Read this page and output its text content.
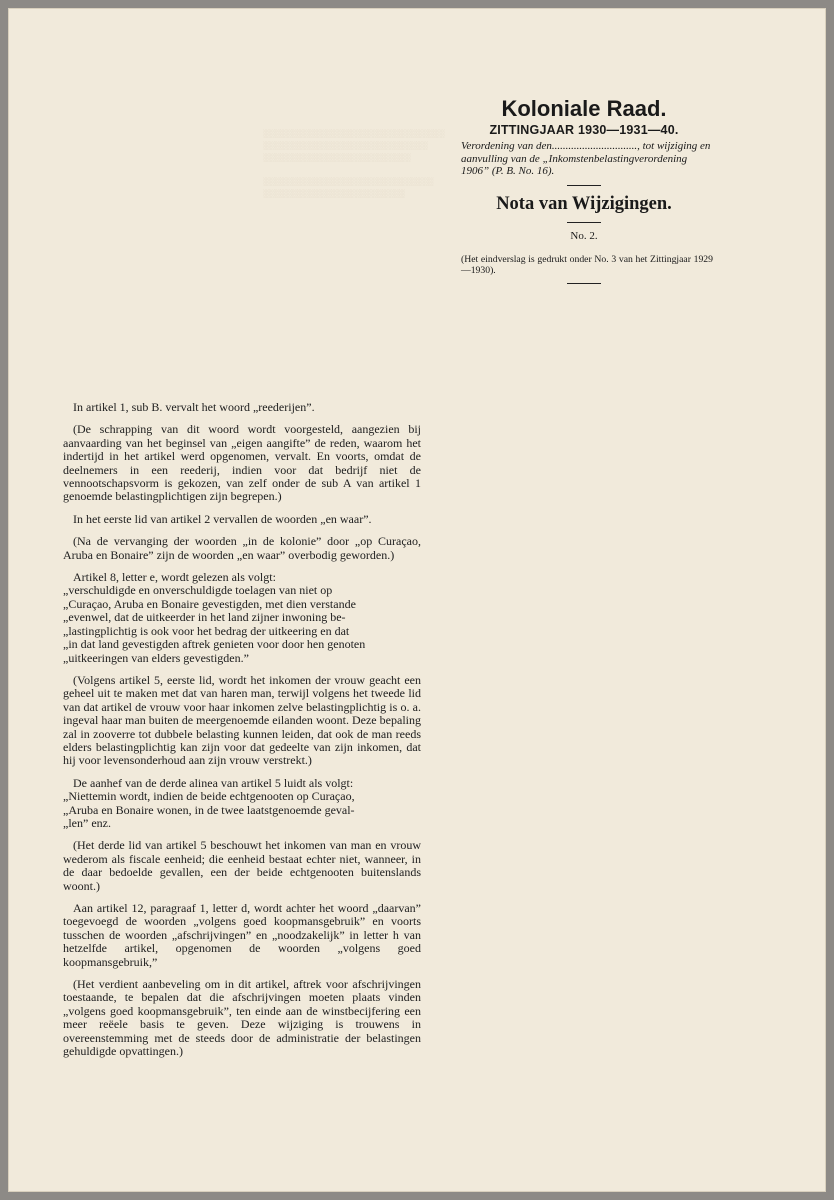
░░░░░░░░░░░░░░░░░░░░░░░░░░░░░░░░
░░░░░░░░░░░░░░░░░░░░░░░░░░░░░
░░░░░░░░░░░░░░░░░░░░░░░░░░

░░░░░░░░░░░░░░░░░░░░░░░░░░░░░░
░░░░░░░░░░░░░░░░░░░░░░░░░

Koloniale Raad.
ZITTINGJAAR 1930—1931—40.
Verordening van den..............................., tot wijziging en aanvulling van de „Inkomstenbelastingverordening 1906” (P. B. No. 16).
Nota van Wijzigingen.
No. 2.
(Het eindverslag is gedrukt onder No. 3 van het Zittingjaar 1929—1930).

In artikel 1, sub B. vervalt het woord „reederijen”.

(De schrapping van dit woord wordt voorgesteld, aangezien bij aanvaarding van het beginsel van „eigen aangifte” de reden, waarom het indertijd in het artikel werd opgenomen, vervalt. En voorts, omdat de deelnemers in een reederij, indien voor dat bedrijf niet de vennootschapsvorm is gekozen, van zelf onder de sub A van artikel 1 genoemde belastingplichtigen zijn begrepen.)

In het eerste lid van artikel 2 vervallen de woorden „en waar”.

(Na de vervanging der woorden „in de kolonie” door „op Curaçao, Aruba en Bonaire” zijn de woorden „en waar” overbodig geworden.)

Artikel 8, letter e, wordt gelezen als volgt:
„verschuldigde en onverschuldigde toelagen van niet op
„Curaçao, Aruba en Bonaire gevestigden, met dien verstande
„evenwel, dat de uitkeerder in het land zijner inwoning be-
„lastingplichtig is ook voor het bedrag der uitkeering en dat
„in dat land gevestigden aftrek genieten voor door hen genoten
„uitkeeringen van elders gevestigden.”

(Volgens artikel 5, eerste lid, wordt het inkomen der vrouw geacht een geheel uit te maken met dat van haren man, terwijl volgens het tweede lid van dat artikel de vrouw voor haar inkomen zelve belastingplichtig is o. a. ingeval haar man buiten de meergenoemde eilanden woont. Deze bepaling zal in zooverre tot dubbele belasting kunnen leiden, dat ook de man reeds elders belastingplichtig kan zijn voor dat gedeelte van zijn inkomen, dat hij voor levensonderhoud aan zijn vrouw verstrekt.)

De aanhef van de derde alinea van artikel 5 luidt als volgt:
„Niettemin wordt, indien de beide echtgenooten op Curaçao,
„Aruba en Bonaire wonen, in de twee laatstgenoemde geval-
„len” enz.

(Het derde lid van artikel 5 beschouwt het inkomen van man en vrouw wederom als fiscale eenheid; die eenheid bestaat echter niet, wanneer, in de daar bedoelde gevallen, een der beide echtgenooten buitenslands woont.)

Aan artikel 12, paragraaf 1, letter d, wordt achter het woord „daarvan” toegevoegd de woorden „volgens goed koopmansgebruik” en voorts tusschen de woorden „afschrijvingen” en „noodzakelijk” in letter h van hetzelfde artikel, opgenomen de woorden „volgens goed koopmansgebruik,”

(Het verdient aanbeveling om in dit artikel, aftrek voor afschrijvingen toestaande, te bepalen dat die afschrijvingen moeten plaats vinden „volgens goed koopmansgebruik”, ten einde aan de winstbecijfering een meer reëele basis te geven. Deze wijziging is trouwens in overeenstemming met de steeds door de administratie der belastingen gehuldigde opvattingen.)
